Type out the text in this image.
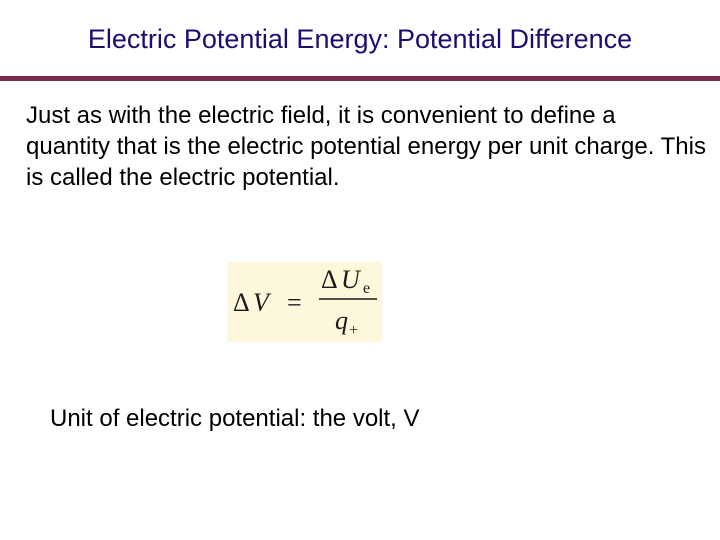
Electric Potential Energy: Potential Difference
Just as with the electric field, it is convenient to define a quantity that is the electric potential energy per unit charge. This is called the electric potential.
Δ V =
Δ U e
q +
Unit of electric potential: the volt, V
